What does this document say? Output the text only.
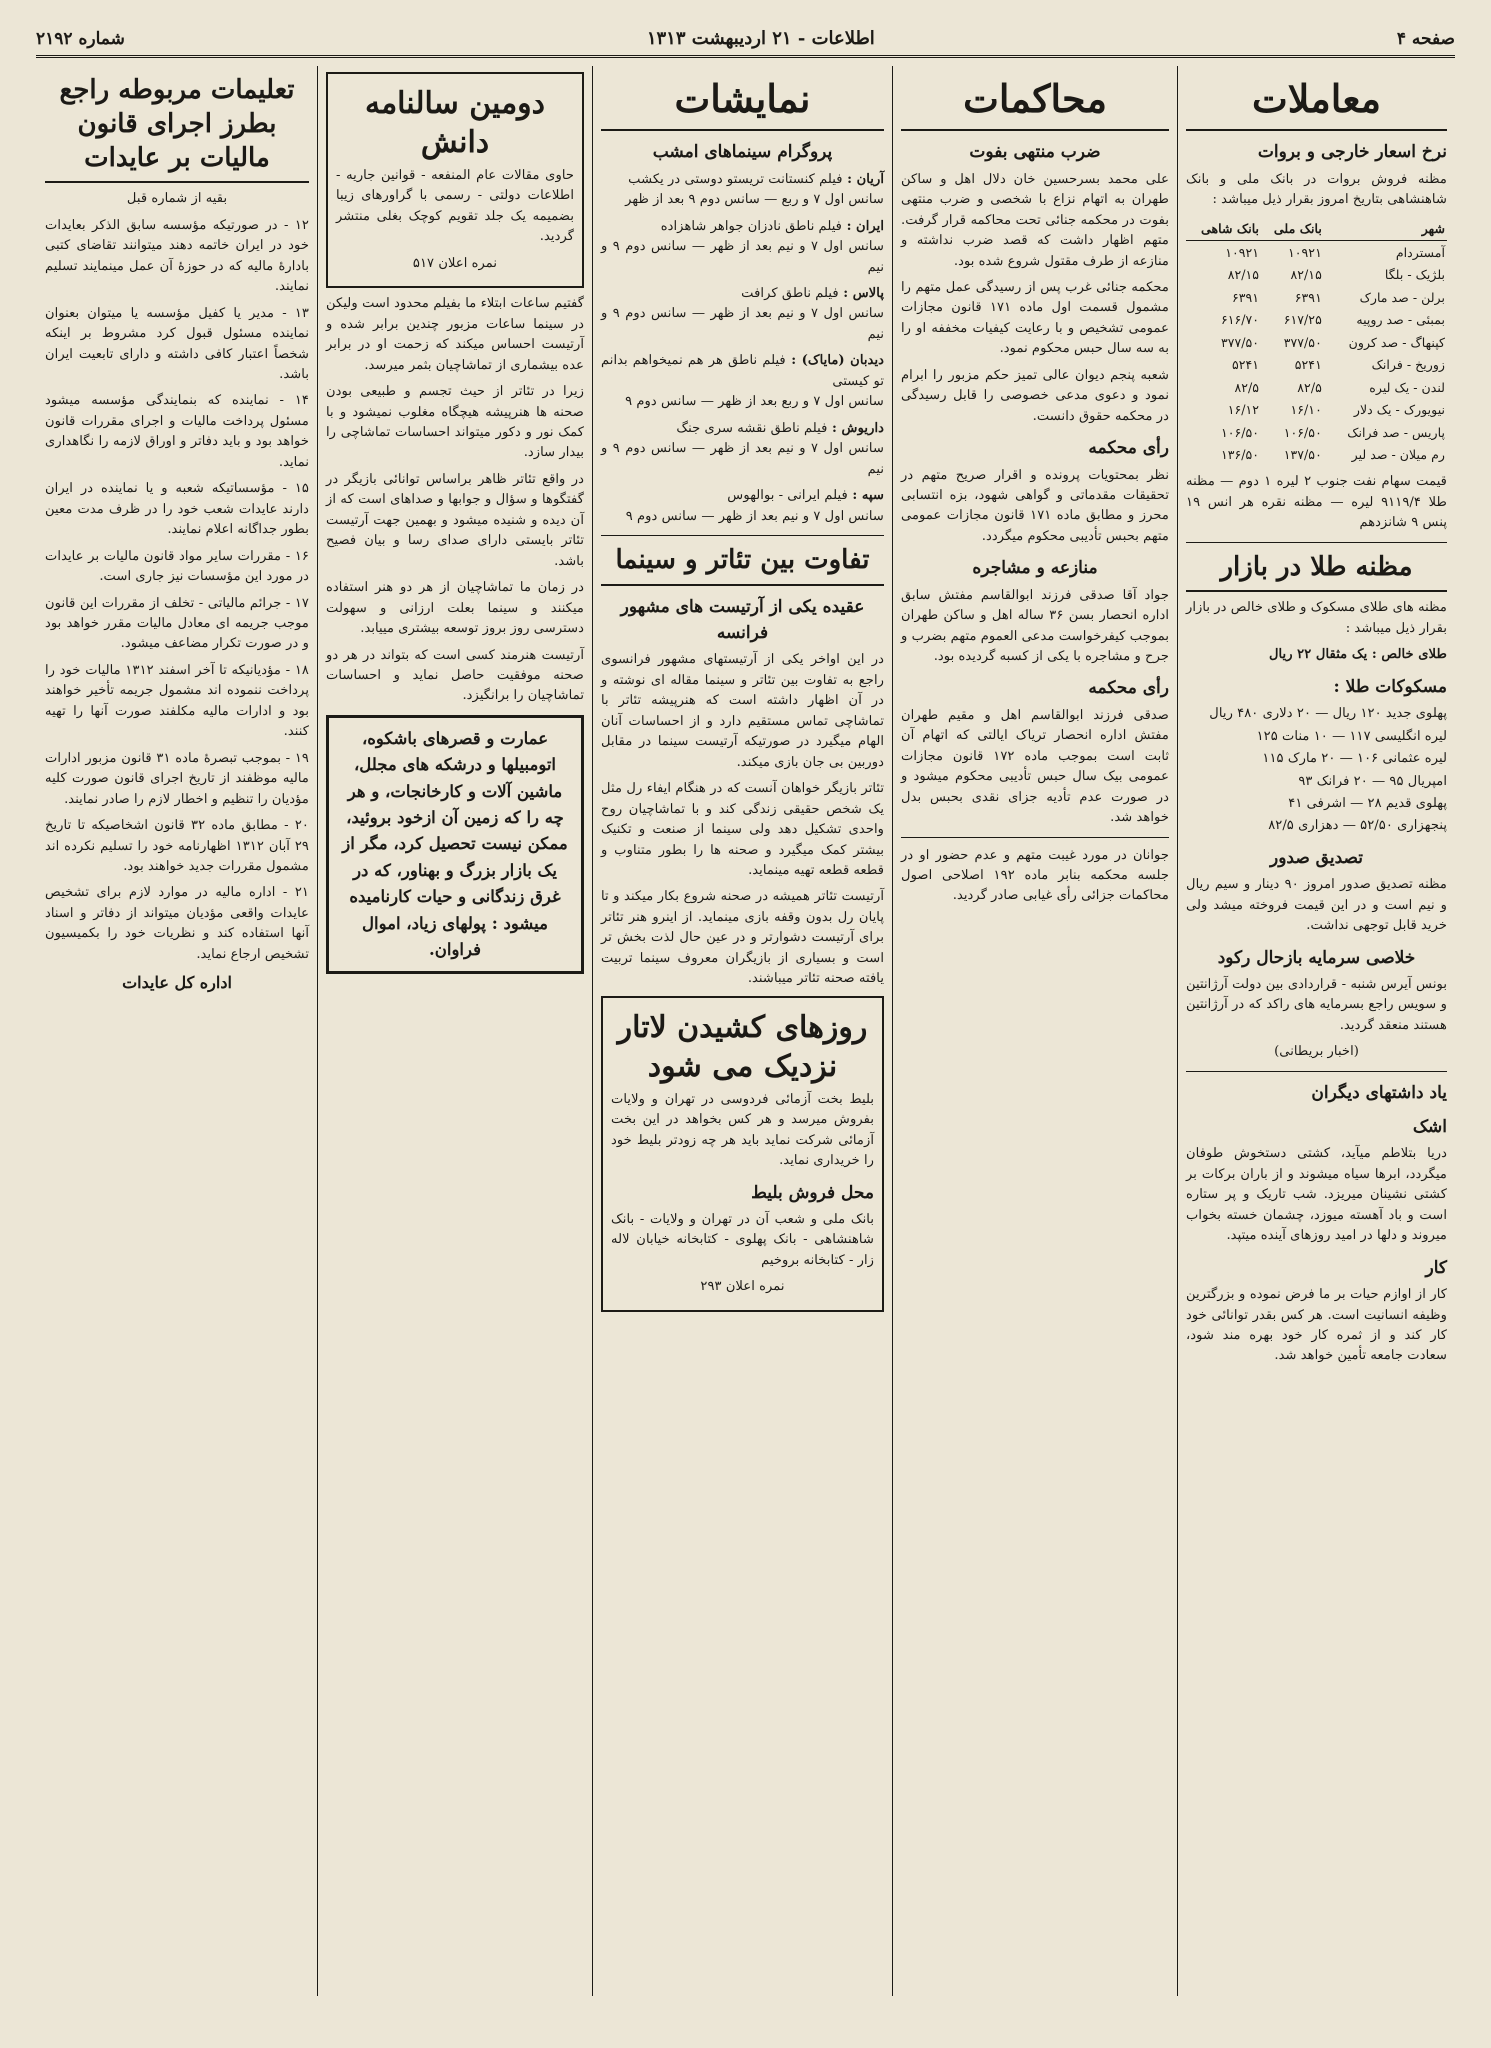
صفحه ۴
اطلاعات - ۲۱ اردیبهشت ۱۳۱۳
شماره ۲۱۹۲
معاملات
نرخ اسعار خارجی و بروات

مظنه فروش بروات در بانک ملی و بانک شاهنشاهی بتاریخ امروز بقرار ذیل میباشد :

شهر	بانک ملی	بانک شاهی
آمستردام	۱۰۹۲۱	۱۰۹۲۱
بلژیک - بلگا	۸۲/۱۵	۸۲/۱۵
برلن - صد مارک	۶۳۹۱	۶۳۹۱
بمبئی - صد روپیه	۶۱۷/۲۵	۶۱۶/۷۰
کپنهاگ - صد کرون	۳۷۷/۵۰	۳۷۷/۵۰
زوریخ - فرانک	۵۲۴۱	۵۲۴۱
لندن - یک لیره	۸۲/۵	۸۲/۵
نیویورک - یک دلار	۱۶/۱۰	۱۶/۱۲
پاریس - صد فرانک	۱۰۶/۵۰	۱۰۶/۵۰
رم میلان - صد لیر	۱۳۷/۵۰	۱۳۶/۵۰

قیمت سهام نفت جنوب ۲ لیره ۱ دوم — مظنه طلا ۹۱۱۹/۴ لیره — مظنه نقره هر انس ۱۹ پنس ۹ شانزدهم

مظنه طلا در بازار

مظنه های طلای مسکوک و طلای خالص در بازار بقرار ذیل میباشد :

طلای خالص : یک مثقال ۲۲ ریال

مسکوکات طلا :

پهلوی جدید ۱۲۰ ریال — ۲۰ دلاری ۴۸۰ ریال

لیره انگلیسی ۱۱۷ — ۱۰ منات ۱۲۵

لیره عثمانی ۱۰۶ — ۲۰ مارک ۱۱۵

امپریال ۹۵ — ۲۰ فرانک ۹۳

پهلوی قدیم ۲۸ — اشرفی ۴۱

پنجهزاری ۵۲/۵۰ — دهزاری ۸۲/۵

تصدیق صدور

مظنه تصدیق صدور امروز ۹۰ دینار و سیم ریال و نیم است و در این قیمت فروخته میشد ولی خرید قابل توجهی نداشت.

خلاصی سرمایه بازحال رکود

بونس آیرس شنبه - قراردادی بین دولت آرژانتین و سویس راجع بسرمایه های راکد که در آرژانتین هستند منعقد گردید.

(اخبار بریطانی)

یاد داشتهای دیگران
اشک

دریا بتلاطم میآید، کشتی دستخوش طوفان میگردد، ابرها سیاه میشوند و از باران برکات بر کشتی نشینان میریزد. شب تاریک و پر ستاره است و باد آهسته میوزد، چشمان خسته بخواب میروند و دلها در امید روزهای آینده میتپد.

کار

کار از اوازم حیات بر ما فرض نموده و بزرگترین وظیفه انسانیت است. هر کس بقدر توانائی خود کار کند و از ثمره کار خود بهره مند شود، سعادت جامعه تأمین خواهد شد.

محاکمات
ضرب منتهی بفوت

علی محمد بسرحسین خان دلال اهل و ساکن طهران به اتهام نزاع با شخصی و ضرب منتهی بفوت در محکمه جنائی تحت محاکمه قرار گرفت. متهم اظهار داشت که قصد ضرب نداشته و منازعه از طرف مقتول شروع شده بود.

محکمه جنائی غرب پس از رسیدگی عمل متهم را مشمول قسمت اول ماده ۱۷۱ قانون مجازات عمومی تشخیص و با رعایت کیفیات مخففه او را به سه سال حبس محکوم نمود.

شعبه پنجم دیوان عالی تمیز حکم مزبور را ابرام نمود و دعوی مدعی خصوصی را قابل رسیدگی در محکمه حقوق دانست.

رأی محکمه

نظر بمحتویات پرونده و اقرار صریح متهم در تحقیقات مقدماتی و گواهی شهود، بزه انتسابی محرز و مطابق ماده ۱۷۱ قانون مجازات عمومی متهم بحبس تأدیبی محکوم میگردد.

منازعه و مشاجره

جواد آقا صدقی فرزند ابوالقاسم مفتش سابق اداره انحصار بسن ۳۶ ساله اهل و ساکن طهران بموجب کیفرخواست مدعی العموم متهم بضرب و جرح و مشاجره با یکی از کسبه گردیده بود.

رأی محکمه

صدقی فرزند ابوالقاسم اهل و مقیم طهران مفتش اداره انحصار تریاک ایالتی که اتهام آن ثابت است بموجب ماده ۱۷۲ قانون مجازات عمومی بیک سال حبس تأدیبی محکوم میشود و در صورت عدم تأدیه جزای نقدی بحبس بدل خواهد شد.

جوانان در مورد غیبت متهم و عدم حضور او در جلسه محکمه بنابر ماده ۱۹۲ اصلاحی اصول محاکمات جزائی رأی غیابی صادر گردید.

نمایشات
پروگرام سینماهای امشب

آریان : فیلم کنستانت تریستو دوستی در یکشب

سانس اول ۷ و ربع — سانس دوم ۹ بعد از ظهر

ایران : فیلم ناطق نادزان جواهر شاهزاده

سانس اول ۷ و نیم بعد از ظهر — سانس دوم ۹ و نیم

پالاس : فیلم ناطق کرافت

سانس اول ۷ و نیم بعد از ظهر — سانس دوم ۹ و نیم

دیدبان (مایاک) : فیلم ناطق هر هم نمیخواهم بدانم تو کیستی

سانس اول ۷ و ربع بعد از ظهر — سانس دوم ۹

داریوش : فیلم ناطق نقشه سری جنگ

سانس اول ۷ و نیم بعد از ظهر — سانس دوم ۹ و نیم

سپه : فیلم ایرانی - بوالهوس

سانس اول ۷ و نیم بعد از ظهر — سانس دوم ۹

تفاوت بین تئاتر و سینما
عقیده یکی از آرتیست های مشهور فرانسه

در این اواخر یکی از آرتیستهای مشهور فرانسوی راجع به تفاوت بین تئاتر و سینما مقاله ای نوشته و در آن اظهار داشته است که هنرپیشه تئاتر با تماشاچی تماس مستقیم دارد و از احساسات آنان الهام میگیرد در صورتیکه آرتیست سینما در مقابل دوربین بی جان بازی میکند.

تئاتر بازیگر خواهان آنست که در هنگام ایفاء رل مثل یک شخص حقیقی زندگی کند و با تماشاچیان روح واحدی تشکیل دهد ولی سینما از صنعت و تکنیک بیشتر کمک میگیرد و صحنه ها را بطور متناوب و قطعه قطعه تهیه مینماید.

آرتیست تئاتر همیشه در صحنه شروع بکار میکند و تا پایان رل بدون وقفه بازی مینماید. از اینرو هنر تئاتر برای آرتیست دشوارتر و در عین حال لذت بخش تر است و بسیاری از بازیگران معروف سینما تربیت یافته صحنه تئاتر میباشند.

روزهای کشیدن لاتار نزدیک می شود

بلیط بخت آزمائی فردوسی در تهران و ولایات بفروش میرسد و هر کس بخواهد در این بخت آزمائی شرکت نماید باید هر چه زودتر بلیط خود را خریداری نماید.

محل فروش بلیط

بانک ملی و شعب آن در تهران و ولایات - بانک شاهنشاهی - بانک پهلوی - کتابخانه خیابان لاله زار - کتابخانه بروخیم

نمره اعلان ۲۹۳

دومین سالنامه دانش

حاوی مقالات عام المنفعه - قوانین جاریه - اطلاعات دولتی - رسمی با گراورهای زیبا بضمیمه یک جلد تقویم کوچک بغلی منتشر گردید.

نمره اعلان ۵۱۷

گفتیم ساعات ابتلاء ما بفیلم محدود است ولیکن در سینما ساعات مزبور چندین برابر شده و آرتیست احساس میکند که زحمت او در برابر عده بیشماری از تماشاچیان بثمر میرسد.

زیرا در تئاتر از حیث تجسم و طبیعی بودن صحنه ها هنرپیشه هیچگاه مغلوب نمیشود و با کمک نور و دکور میتواند احساسات تماشاچی را بیدار سازد.

در واقع تئاتر ظاهر براساس توانائی بازیگر در گفتگوها و سؤال و جوابها و صداهای است که از آن دیده و شنیده میشود و بهمین جهت آرتیست تئاتر بایستی دارای صدای رسا و بیان فصیح باشد.

در زمان ما تماشاچیان از هر دو هنر استفاده میکنند و سینما بعلت ارزانی و سهولت دسترسی روز بروز توسعه بیشتری مییابد.

آرتیست هنرمند کسی است که بتواند در هر دو صحنه موفقیت حاصل نماید و احساسات تماشاچیان را برانگیزد.

عمارت و قصرهای باشکوه، اتومبیلها و درشکه های مجلل، ماشین آلات و کارخانجات، و هر چه را که زمین آن ازخود بروئید، ممکن نیست تحصیل کرد، مگر از یک بازار بزرگ و بهناور، که در غرق زندگانی و حیات کارنامیده میشود : پولهای زیاد، اموال فراوان.
تعلیمات مربوطه راجع بطرز اجرای قانون مالیات بر عایدات

بقیه از شماره قبل

۱۲ - در صورتیکه مؤسسه سابق الذکر بعایدات خود در ایران خاتمه دهند میتوانند تقاضای کتبی بادارهٔ مالیه که در حوزهٔ آن عمل مینمایند تسلیم نمایند.

۱۳ - مدیر یا کفیل مؤسسه یا میتوان بعنوان نماینده مسئول قبول کرد مشروط بر اینکه شخصاً اعتبار کافی داشته و دارای تابعیت ایران باشد.

۱۴ - نماینده که بنمایندگی مؤسسه میشود مسئول پرداخت مالیات و اجرای مقررات قانون خواهد بود و باید دفاتر و اوراق لازمه را نگاهداری نماید.

۱۵ - مؤسساتیکه شعبه و یا نماینده در ایران دارند عایدات شعب خود را در ظرف مدت معین بطور جداگانه اعلام نمایند.

۱۶ - مقررات سایر مواد قانون مالیات بر عایدات در مورد این مؤسسات نیز جاری است.

۱۷ - جرائم مالیاتی - تخلف از مقررات این قانون موجب جریمه ای معادل مالیات مقرر خواهد بود و در صورت تکرار مضاعف میشود.

۱۸ - مؤدیانیکه تا آخر اسفند ۱۳۱۲ مالیات خود را پرداخت ننموده اند مشمول جریمه تأخیر خواهند بود و ادارات مالیه مکلفند صورت آنها را تهیه کنند.

۱۹ - بموجب تبصرهٔ ماده ۳۱ قانون مزبور ادارات مالیه موظفند از تاریخ اجرای قانون صورت کلیه مؤدیان را تنظیم و اخطار لازم را صادر نمایند.

۲۰ - مطابق ماده ۳۲ قانون اشخاصیکه تا تاریخ ۲۹ آبان ۱۳۱۲ اظهارنامه خود را تسلیم نکرده اند مشمول مقررات جدید خواهند بود.

۲۱ - اداره مالیه در موارد لازم برای تشخیص عایدات واقعی مؤدیان میتواند از دفاتر و اسناد آنها استفاده کند و نظریات خود را بکمیسیون تشخیص ارجاع نماید.

اداره کل عایدات
